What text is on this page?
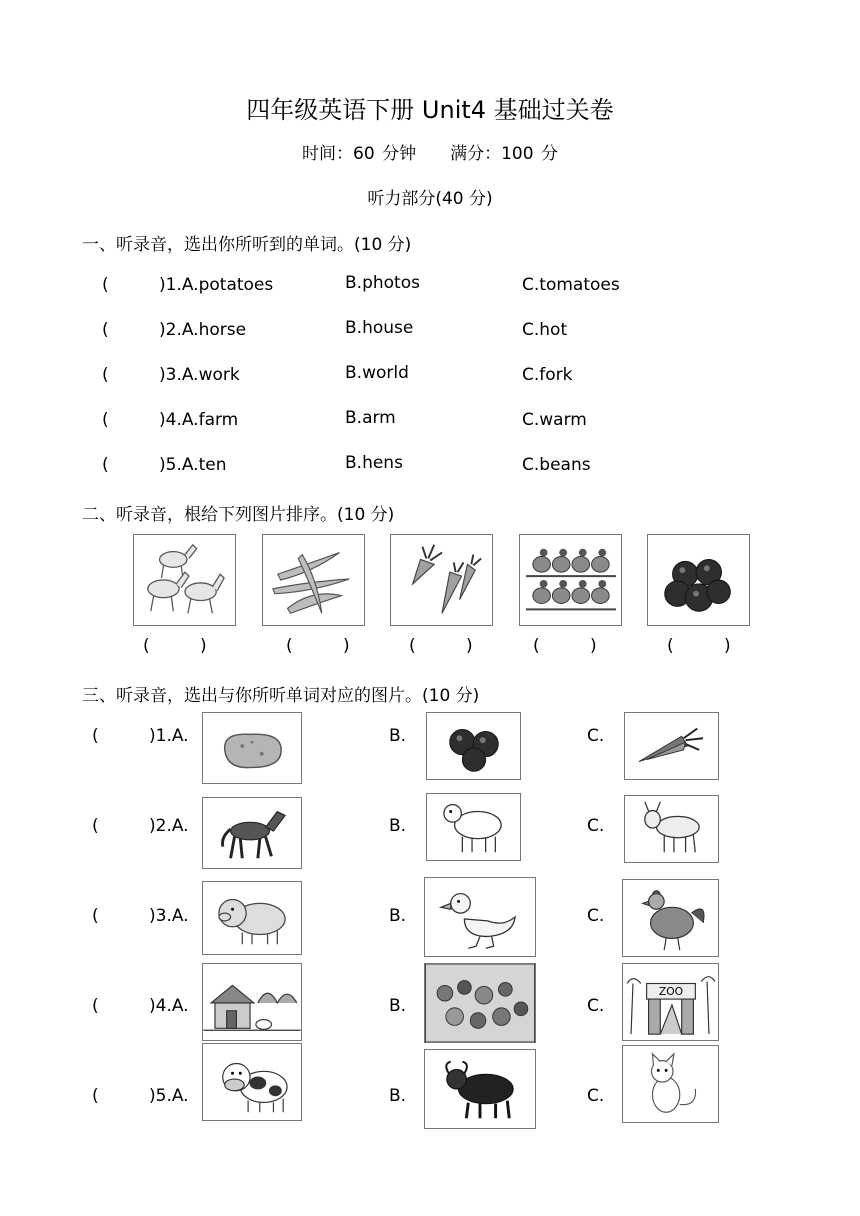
四年级英语下册 Unit4 基础过关卷
时间：60 分钟 满分：100 分
听力部分(40 分)
一、听录音，选出你所听到的单词。(10 分)
(	)1.A.potatoes	B.photos	C.tomatoes
(	)2.A.horse	B.house	C.hot
(	)3.A.work	B.world	C.fork
(	)4.A.farm	B.arm	C.warm
(	)5.A.ten	B.hens	C.beans
二、听录音，根给下列图片排序。(10 分)
(	)	(	)	(	)	(	)	(	)
三、听录音，选出与你所听单词对应的图片。(10 分)
(	)1.A.	B.	C.
(	)2.A.	B.	C.
(	)3.A.	B.	C.
(	)4.A.	B.	C.
ZOO
(	)5.A.	B.	C.
